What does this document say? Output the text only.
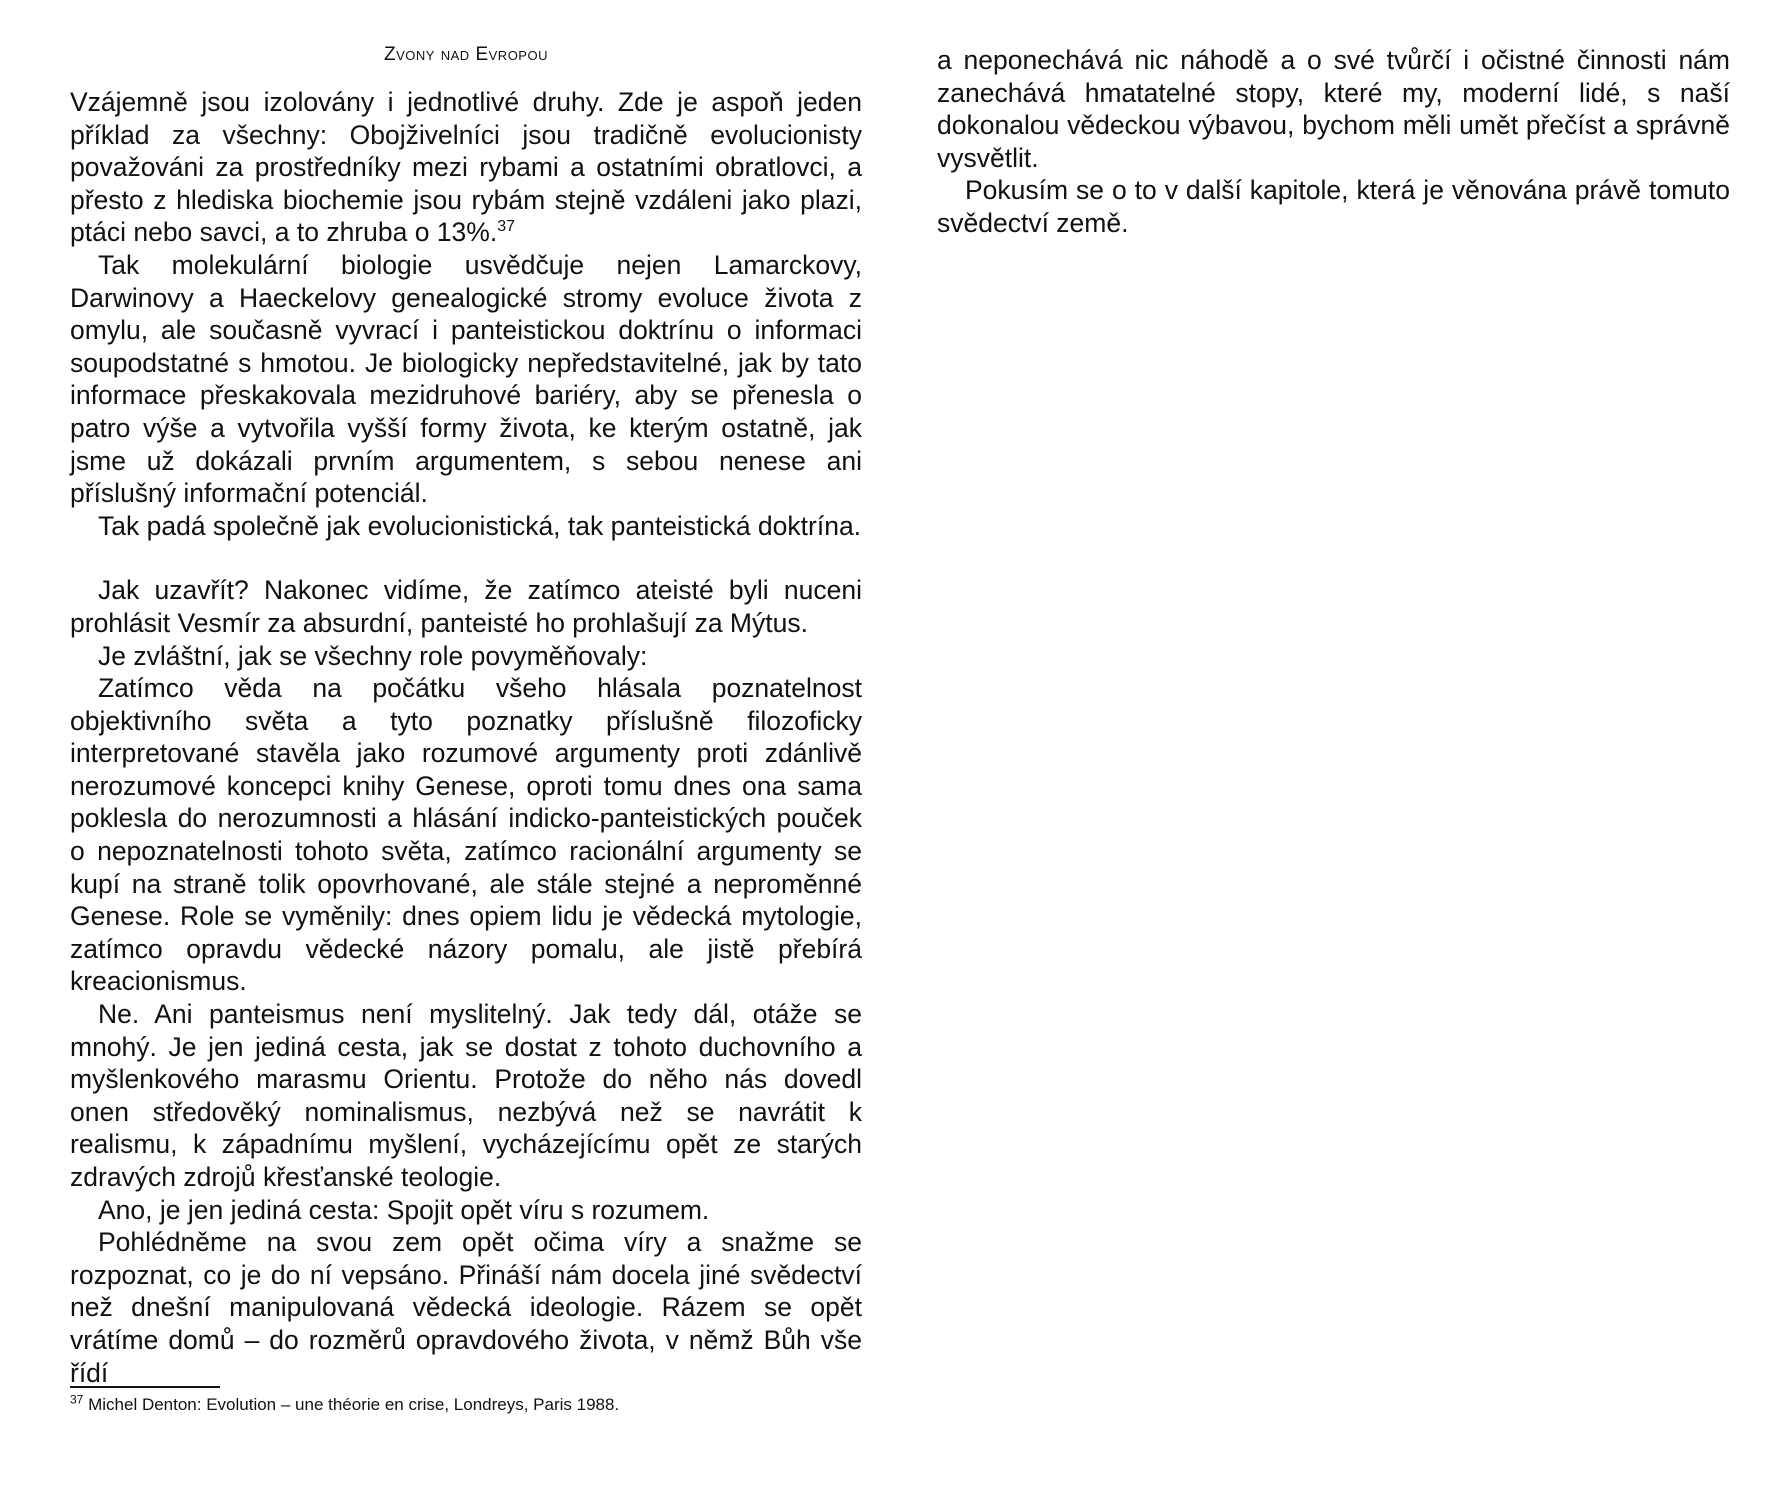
Zvony nad Evropou

Vzájemně jsou izolovány i jednotlivé druhy. Zde je aspoň jeden příklad za všechny: Obojživelníci jsou tradičně evolucionisty považováni za prostředníky mezi rybami a ostatními obratlovci, a přesto z hlediska biochemie jsou rybám stejně vzdáleni jako plazi, ptáci nebo savci, a to zhruba o 13%.$^{37}$

Tak molekulární biologie usvědčuje nejen Lamarckovy, Darwinovy a Haeckelovy genealogické stromy evoluce života z omylu, ale současně vyvrací i panteistickou doktrínu o informaci soupodstatné s hmotou. Je biologicky nepředstavitelné, jak by tato informace přeskakovala mezidruhové bariéry, aby se přenesla o patro výše a vytvořila vyšší formy života, ke kterým ostatně, jak jsme už dokázali prvním argumentem, s sebou nenese ani příslušný informační potenciál.

Tak padá společně jak evolucionistická, tak panteistická doktrína.

Jak uzavřít? Nakonec vidíme, že zatímco ateisté byli nuceni prohlásit Vesmír za absurdní, panteisté ho prohlašují za Mýtus.

Je zvláštní, jak se všechny role povyměňovaly:

Zatímco věda na počátku všeho hlásala poznatelnost objektivního světa a tyto poznatky příslušně filozoficky interpretované stavěla jako rozumové argumenty proti zdánlivě nerozumové koncepci knihy Genese, oproti tomu dnes ona sama poklesla do nerozumnosti a hlásání indicko-panteistických pouček o nepoznatelnosti tohoto světa, zatímco racionální argumenty se kupí na straně tolik opovrhované, ale stále stejné a neproměnné Genese. Role se vyměnily: dnes opiem lidu je vědecká mytologie, zatímco opravdu vědecké názory pomalu, ale jistě přebírá kreacionismus.

Ne. Ani panteismus není myslitelný. Jak tedy dál, otáže se mnohý. Je jen jediná cesta, jak se dostat z tohoto duchovního a myšlenkového marasmu Orientu. Protože do něho nás dovedl onen středověký nominalismus, nezbývá než se navrátit k realismu, k západnímu myšlení, vycházejícímu opět ze starých zdravých zdrojů křesťanské teologie.

Ano, je jen jediná cesta: Spojit opět víru s rozumem.

Pohlédněme na svou zem opět očima víry a snažme se rozpoznat, co je do ní vepsáno. Přináší nám docela jiné svědectví než dnešní manipulovaná vědecká ideologie. Rázem se opět vrátíme domů – do rozměrů opravdového života, v němž Bůh vše řídí

$^{37}$ Michel Denton: Evolution – une théorie en crise, Londreys, Paris 1988.

a neponechává nic náhodě a o své tvůrčí i očistné činnosti nám zanechává hmatatelné stopy, které my, moderní lidé, s naší dokonalou vědeckou výbavou, bychom měli umět přečíst a správně vysvětlit.

Pokusím se o to v další kapitole, která je věnována právě tomuto svědectví země.
